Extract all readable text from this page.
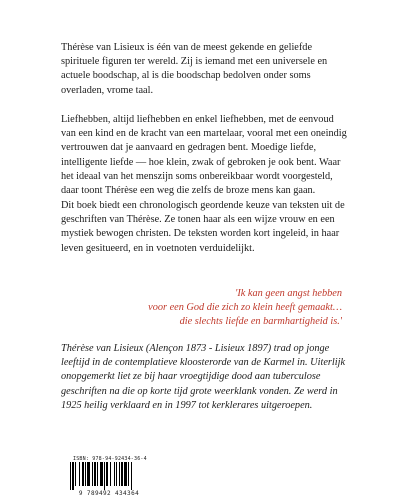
Thérèse van Lisieux is één van de meest gekende en geliefde spirituele figuren ter wereld. Zij is iemand met een universele en actuele boodschap, al is die boodschap bedolven onder soms overladen, vrome taal.

Liefhebben, altijd liefhebben en enkel liefhebben, met de eenvoud van een kind en de kracht van een martelaar, vooral met een oneindig vertrouwen dat je aanvaard en gedragen bent. Moedige liefde, intelligente liefde — hoe klein, zwak of gebroken je ook bent. Waar het ideaal van het menszijn soms onbereikbaar wordt voorgesteld, daar toont Thérèse een weg die zelfs de broze mens kan gaan.

Dit boek biedt een chronologisch geordende keuze van teksten uit de geschriften van Thérèse. Ze tonen haar als een wijze vrouw en een mystiek bewogen christen. De teksten worden kort ingeleid, in haar leven gesitueerd, en in voetnoten verduidelijkt.

'Ik kan geen angst hebben
voor een God die zich zo klein heeft gemaakt…
die slechts liefde en barmhartigheid is.'

Thérèse van Lisieux (Alençon 1873 - Lisieux 1897) trad op jonge leeftijd in de contemplatieve kloosterorde van de Karmel in. Uiterlijk onopgemerkt liet ze bij haar vroegtijdige dood aan tuberculose geschriften na die op korte tijd grote weerklank vonden. Ze werd in 1925 heilig verklaard en in 1997 tot kerklerares uitgeroepen.

ISBN: 978-94-92434-36-4
9 789492 434364
